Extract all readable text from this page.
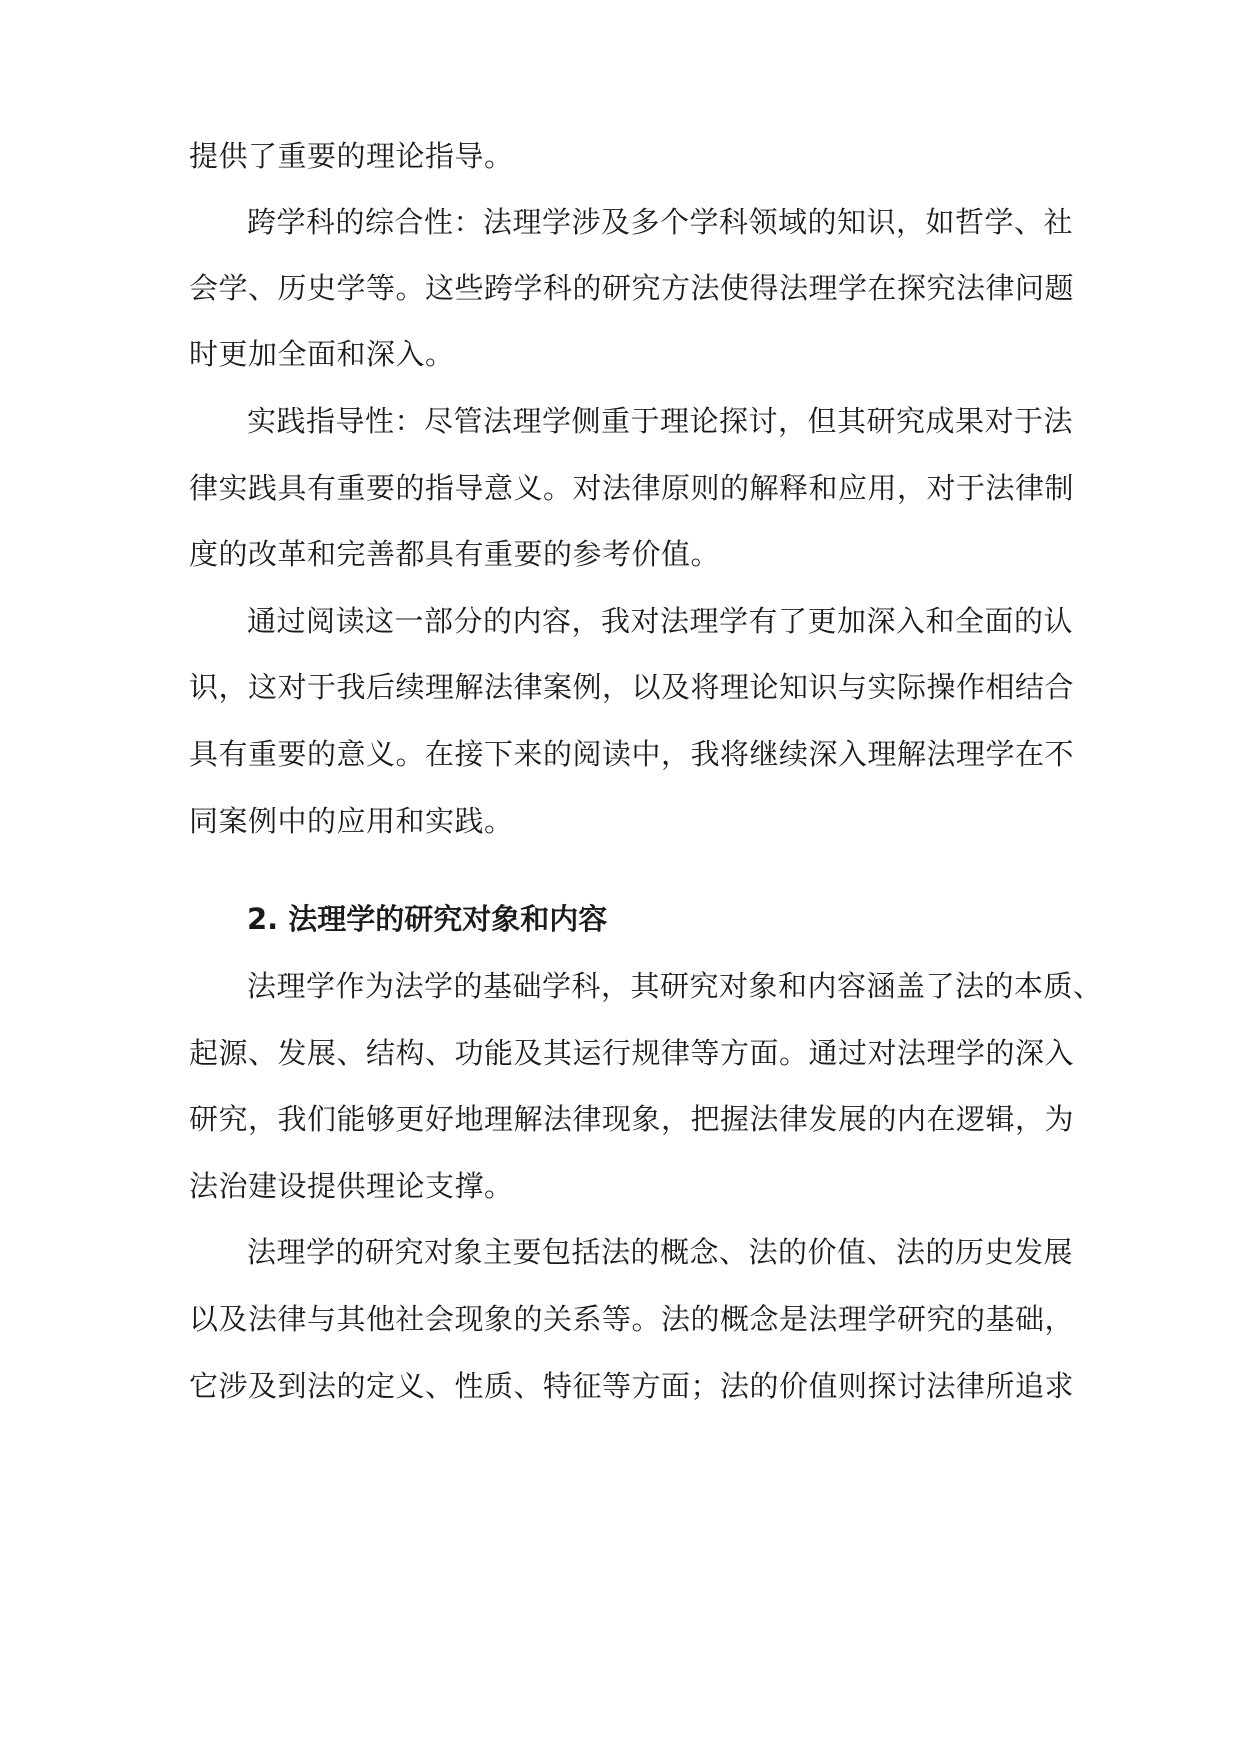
提供了重要的理论指导。
跨学科的综合性：法理学涉及多个学科领域的知识，如哲学、社
会学、历史学等。这些跨学科的研究方法使得法理学在探究法律问题
时更加全面和深入。
实践指导性：尽管法理学侧重于理论探讨，但其研究成果对于法
律实践具有重要的指导意义。对法律原则的解释和应用，对于法律制
度的改革和完善都具有重要的参考价值。
通过阅读这一部分的内容，我对法理学有了更加深入和全面的认
识，这对于我后续理解法律案例，以及将理论知识与实际操作相结合
具有重要的意义。在接下来的阅读中，我将继续深入理解法理学在不
同案例中的应用和实践。
2. 法理学的研究对象和内容
法理学作为法学的基础学科，其研究对象和内容涵盖了法的本质、
起源、发展、结构、功能及其运行规律等方面。通过对法理学的深入
研究，我们能够更好地理解法律现象，把握法律发展的内在逻辑，为
法治建设提供理论支撑。
法理学的研究对象主要包括法的概念、法的价值、法的历史发展
以及法律与其他社会现象的关系等。法的概念是法理学研究的基础，
它涉及到法的定义、性质、特征等方面；法的价值则探讨法律所追求
